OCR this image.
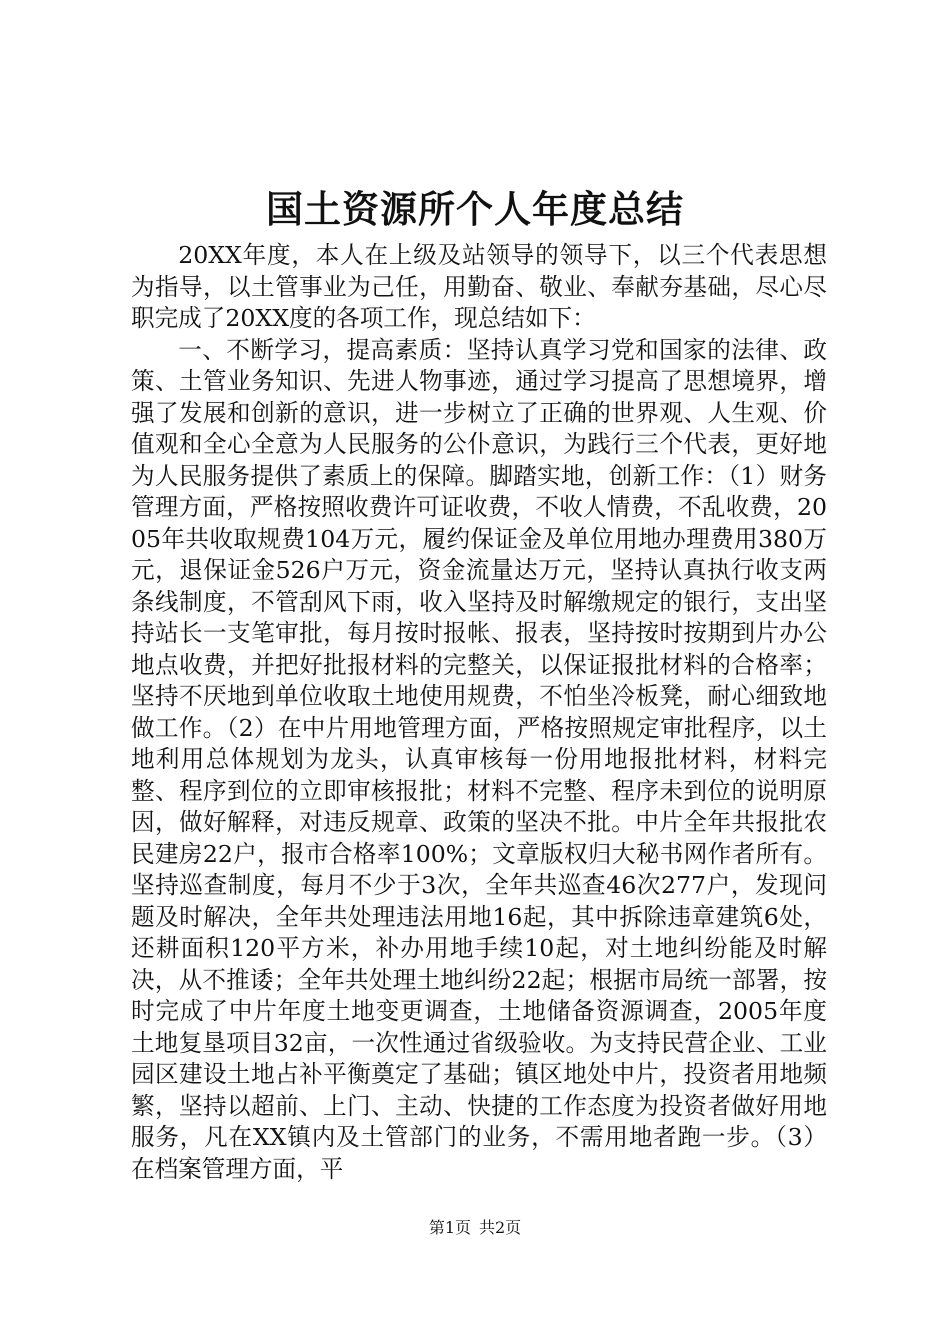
国土资源所个人年度总结

20XX年度，本人在上级及站领导的领导下，以三个代表思想为指导，以土管事业为己任，用勤奋、敬业、奉献夯基础，尽心尽职完成了20XX度的各项工作，现总结如下：

一、不断学习，提高素质：坚持认真学习党和国家的法律、政策、土管业务知识、先进人物事迹，通过学习提高了思想境界，增强了发展和创新的意识，进一步树立了正确的世界观、人生观、价值观和全心全意为人民服务的公仆意识，为践行三个代表，更好地为人民服务提供了素质上的保障。脚踏实地，创新工作：（1）财务管理方面，严格按照收费许可证收费，不收人情费，不乱收费，2005年共收取规费104万元，履约保证金及单位用地办理费用380万元，退保证金526户万元，资金流量达万元，坚持认真执行收支两条线制度，不管刮风下雨，收入坚持及时解缴规定的银行，支出坚持站长一支笔审批，每月按时报帐、报表，坚持按时按期到片办公地点收费，并把好批报材料的完整关，以保证报批材料的合格率；坚持不厌地到单位收取土地使用规费，不怕坐冷板凳，耐心细致地做工作。（2）在中片用地管理方面，严格按照规定审批程序，以土地利用总体规划为龙头，认真审核每一份用地报批材料，材料完整、程序到位的立即审核报批；材料不完整、程序未到位的说明原因，做好解释，对违反规章、政策的坚决不批。中片全年共报批农民建房22户，报市合格率100%；文章版权归大秘书网作者所有。坚持巡查制度，每月不少于3次，全年共巡查46次277户，发现问题及时解决，全年共处理违法用地16起，其中拆除违章建筑6处，还耕面积120平方米，补办用地手续10起，对土地纠纷能及时解决，从不推诿；全年共处理土地纠纷22起；根据市局统一部署，按时完成了中片年度土地变更调查，土地储备资源调查，2005年度土地复垦项目32亩，一次性通过省级验收。为支持民营企业、工业园区建设土地占补平衡奠定了基础；镇区地处中片，投资者用地频繁，坚持以超前、上门、主动、快捷的工作态度为投资者做好用地服务，凡在XX镇内及土管部门的业务，不需用地者跑一步。（3）在档案管理方面，平

第1页 共2页
